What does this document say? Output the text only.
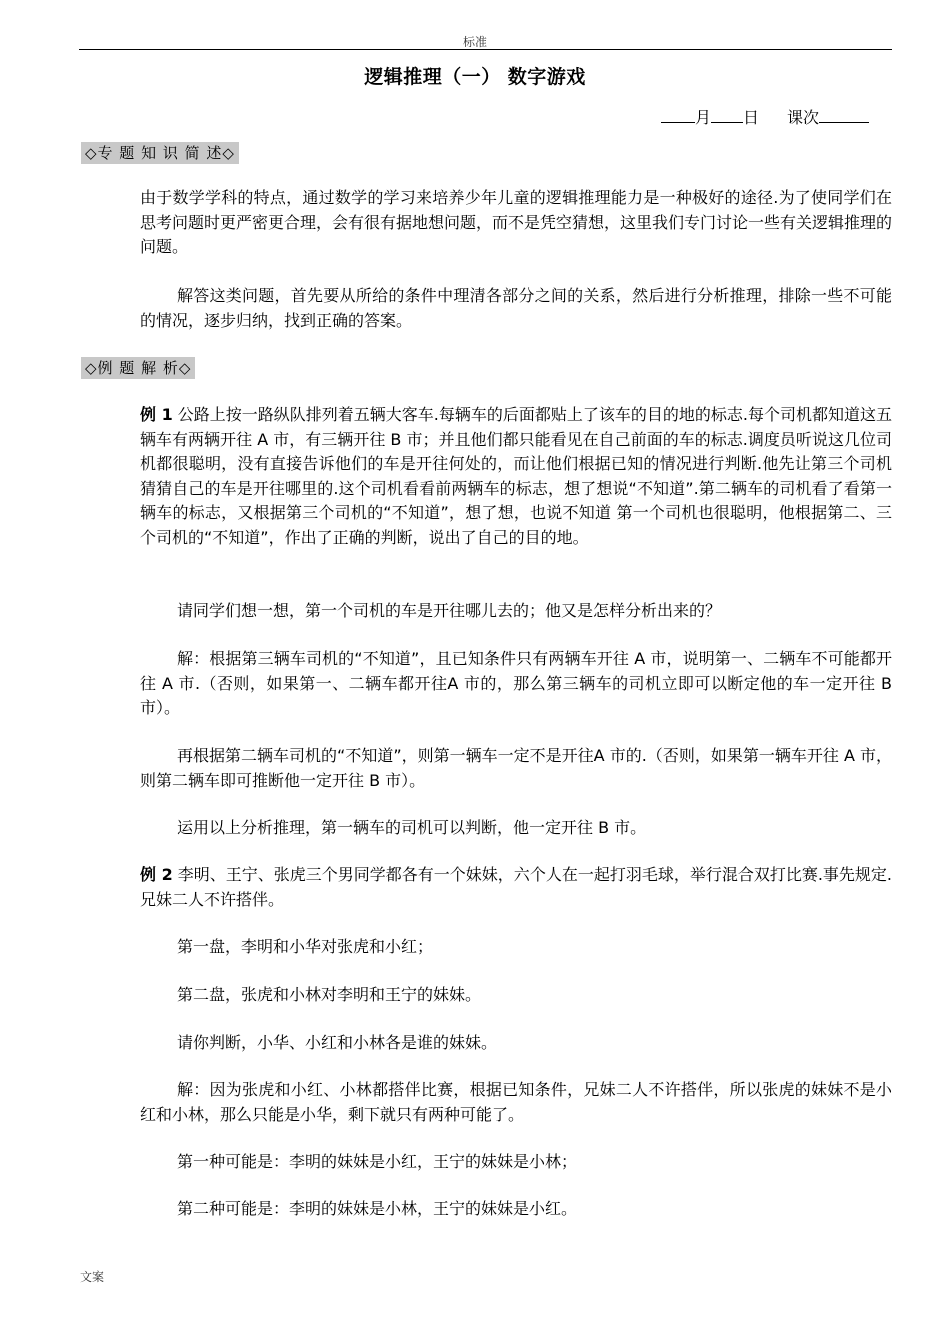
标准
逻辑推理（一） 数字游戏
月 日 课次
◇专 题 知 识 简 述◇

由于数学学科的特点，通过数学的学习来培养少年儿童的逻辑推理能力是一种极好的途径.为了使同学们在思考问题时更严密更合理，会有很有据地想问题，而不是凭空猜想，这里我们专门讨论一些有关逻辑推理的问题。

解答这类问题，首先要从所给的条件中理清各部分之间的关系，然后进行分析推理，排除一些不可能的情况，逐步归纳，找到正确的答案。

◇例 题 解 析◇

例 1 公路上按一路纵队排列着五辆大客车.每辆车的后面都贴上了该车的目的地的标志.每个司机都知道这五辆车有两辆开往 A 市，有三辆开往 B 市；并且他们都只能看见在自己前面的车的标志.调度员听说这几位司机都很聪明，没有直接告诉他们的车是开往何处的，而让他们根据已知的情况进行判断.他先让第三个司机猜猜自己的车是开往哪里的.这个司机看看前两辆车的标志，想了想说“不知道”.第二辆车的司机看了看第一辆车的标志，又根据第三个司机的“不知道”，想了想，也说不知道 第一个司机也很聪明，他根据第二、三个司机的“不知道”，作出了正确的判断，说出了自己的目的地。

请同学们想一想，第一个司机的车是开往哪儿去的；他又是怎样分析出来的？

解：根据第三辆车司机的“不知道”，且已知条件只有两辆车开往 A 市，说明第一、二辆车不可能都开往 A 市.（否则，如果第一、二辆车都开往A 市的，那么第三辆车的司机立即可以断定他的车一定开往 B 市）。

再根据第二辆车司机的“不知道”，则第一辆车一定不是开往A 市的.（否则，如果第一辆车开往 A 市，则第二辆车即可推断他一定开往 B 市）。

运用以上分析推理，第一辆车的司机可以判断，他一定开往 B 市。

例 2 李明、王宁、张虎三个男同学都各有一个妹妹，六个人在一起打羽毛球，举行混合双打比赛.事先规定.兄妹二人不许搭伴。

第一盘，李明和小华对张虎和小红；

第二盘，张虎和小林对李明和王宁的妹妹。

请你判断，小华、小红和小林各是谁的妹妹。

解：因为张虎和小红、小林都搭伴比赛，根据已知条件，兄妹二人不许搭伴，所以张虎的妹妹不是小红和小林，那么只能是小华，剩下就只有两种可能了。

第一种可能是：李明的妹妹是小红，王宁的妹妹是小林；

第二种可能是：李明的妹妹是小林，王宁的妹妹是小红。

文案
